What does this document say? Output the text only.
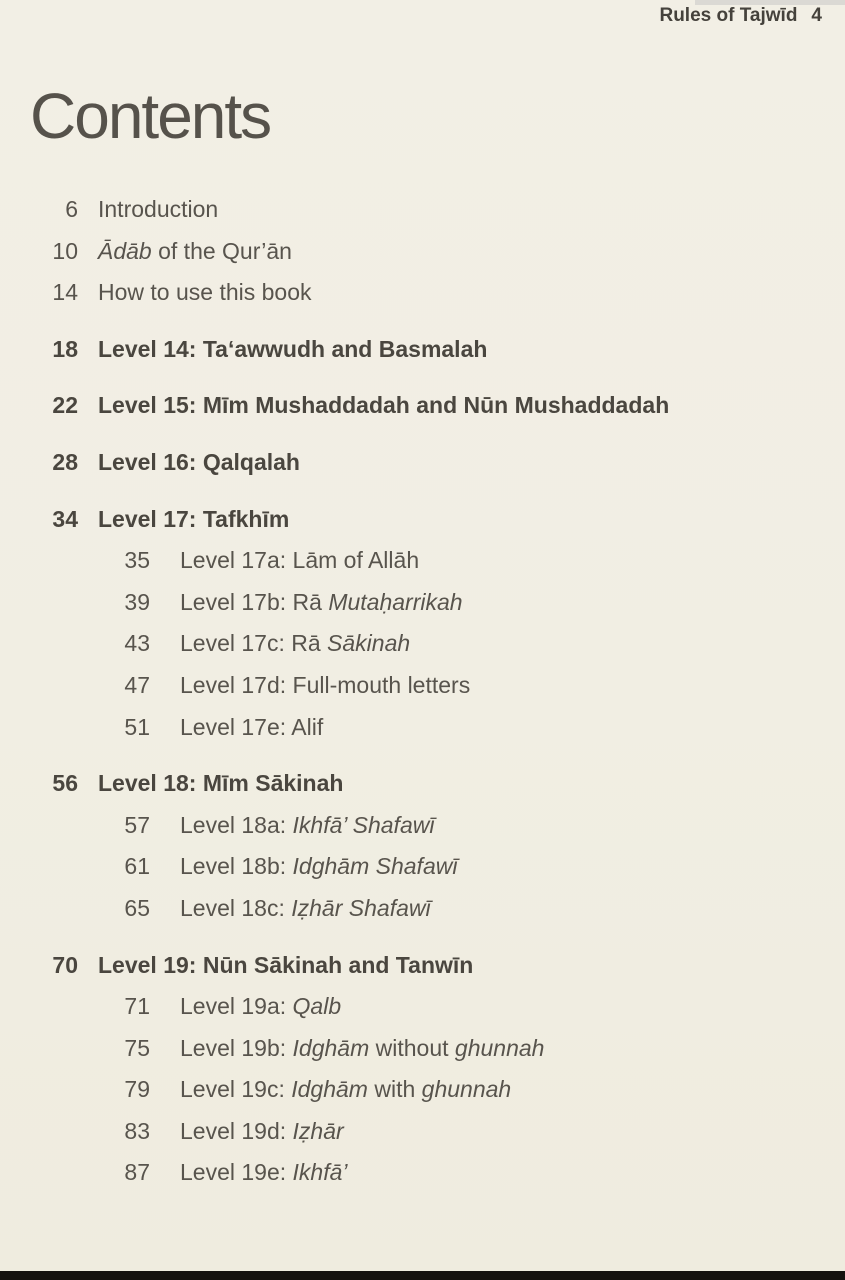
Rules of Tajwīd 4
Contents
6 Introduction
10 Ādāb of the Qur’ān
14 How to use this book
18 Level 14: Ta‘awwudh and Basmalah
22 Level 15: Mīm Mushaddadah and Nūn Mushaddadah
28 Level 16: Qalqalah
34 Level 17: Tafkhīm
35	Level 17a: Lām of Allāh
39	Level 17b: Rā Mutaḥarrikah
43	Level 17c: Rā Sākinah
47	Level 17d: Full-mouth letters
51	Level 17e: Alif
56 Level 18: Mīm Sākinah
57	Level 18a: Ikhfā’ Shafawī
61	Level 18b: Idghām Shafawī
65	Level 18c: Iẓhār Shafawī
70 Level 19: Nūn Sākinah and Tanwīn
71	Level 19a: Qalb
75	Level 19b: Idghām without ghunnah
79	Level 19c: Idghām with ghunnah
83	Level 19d: Iẓhār
87	Level 19e: Ikhfā’
